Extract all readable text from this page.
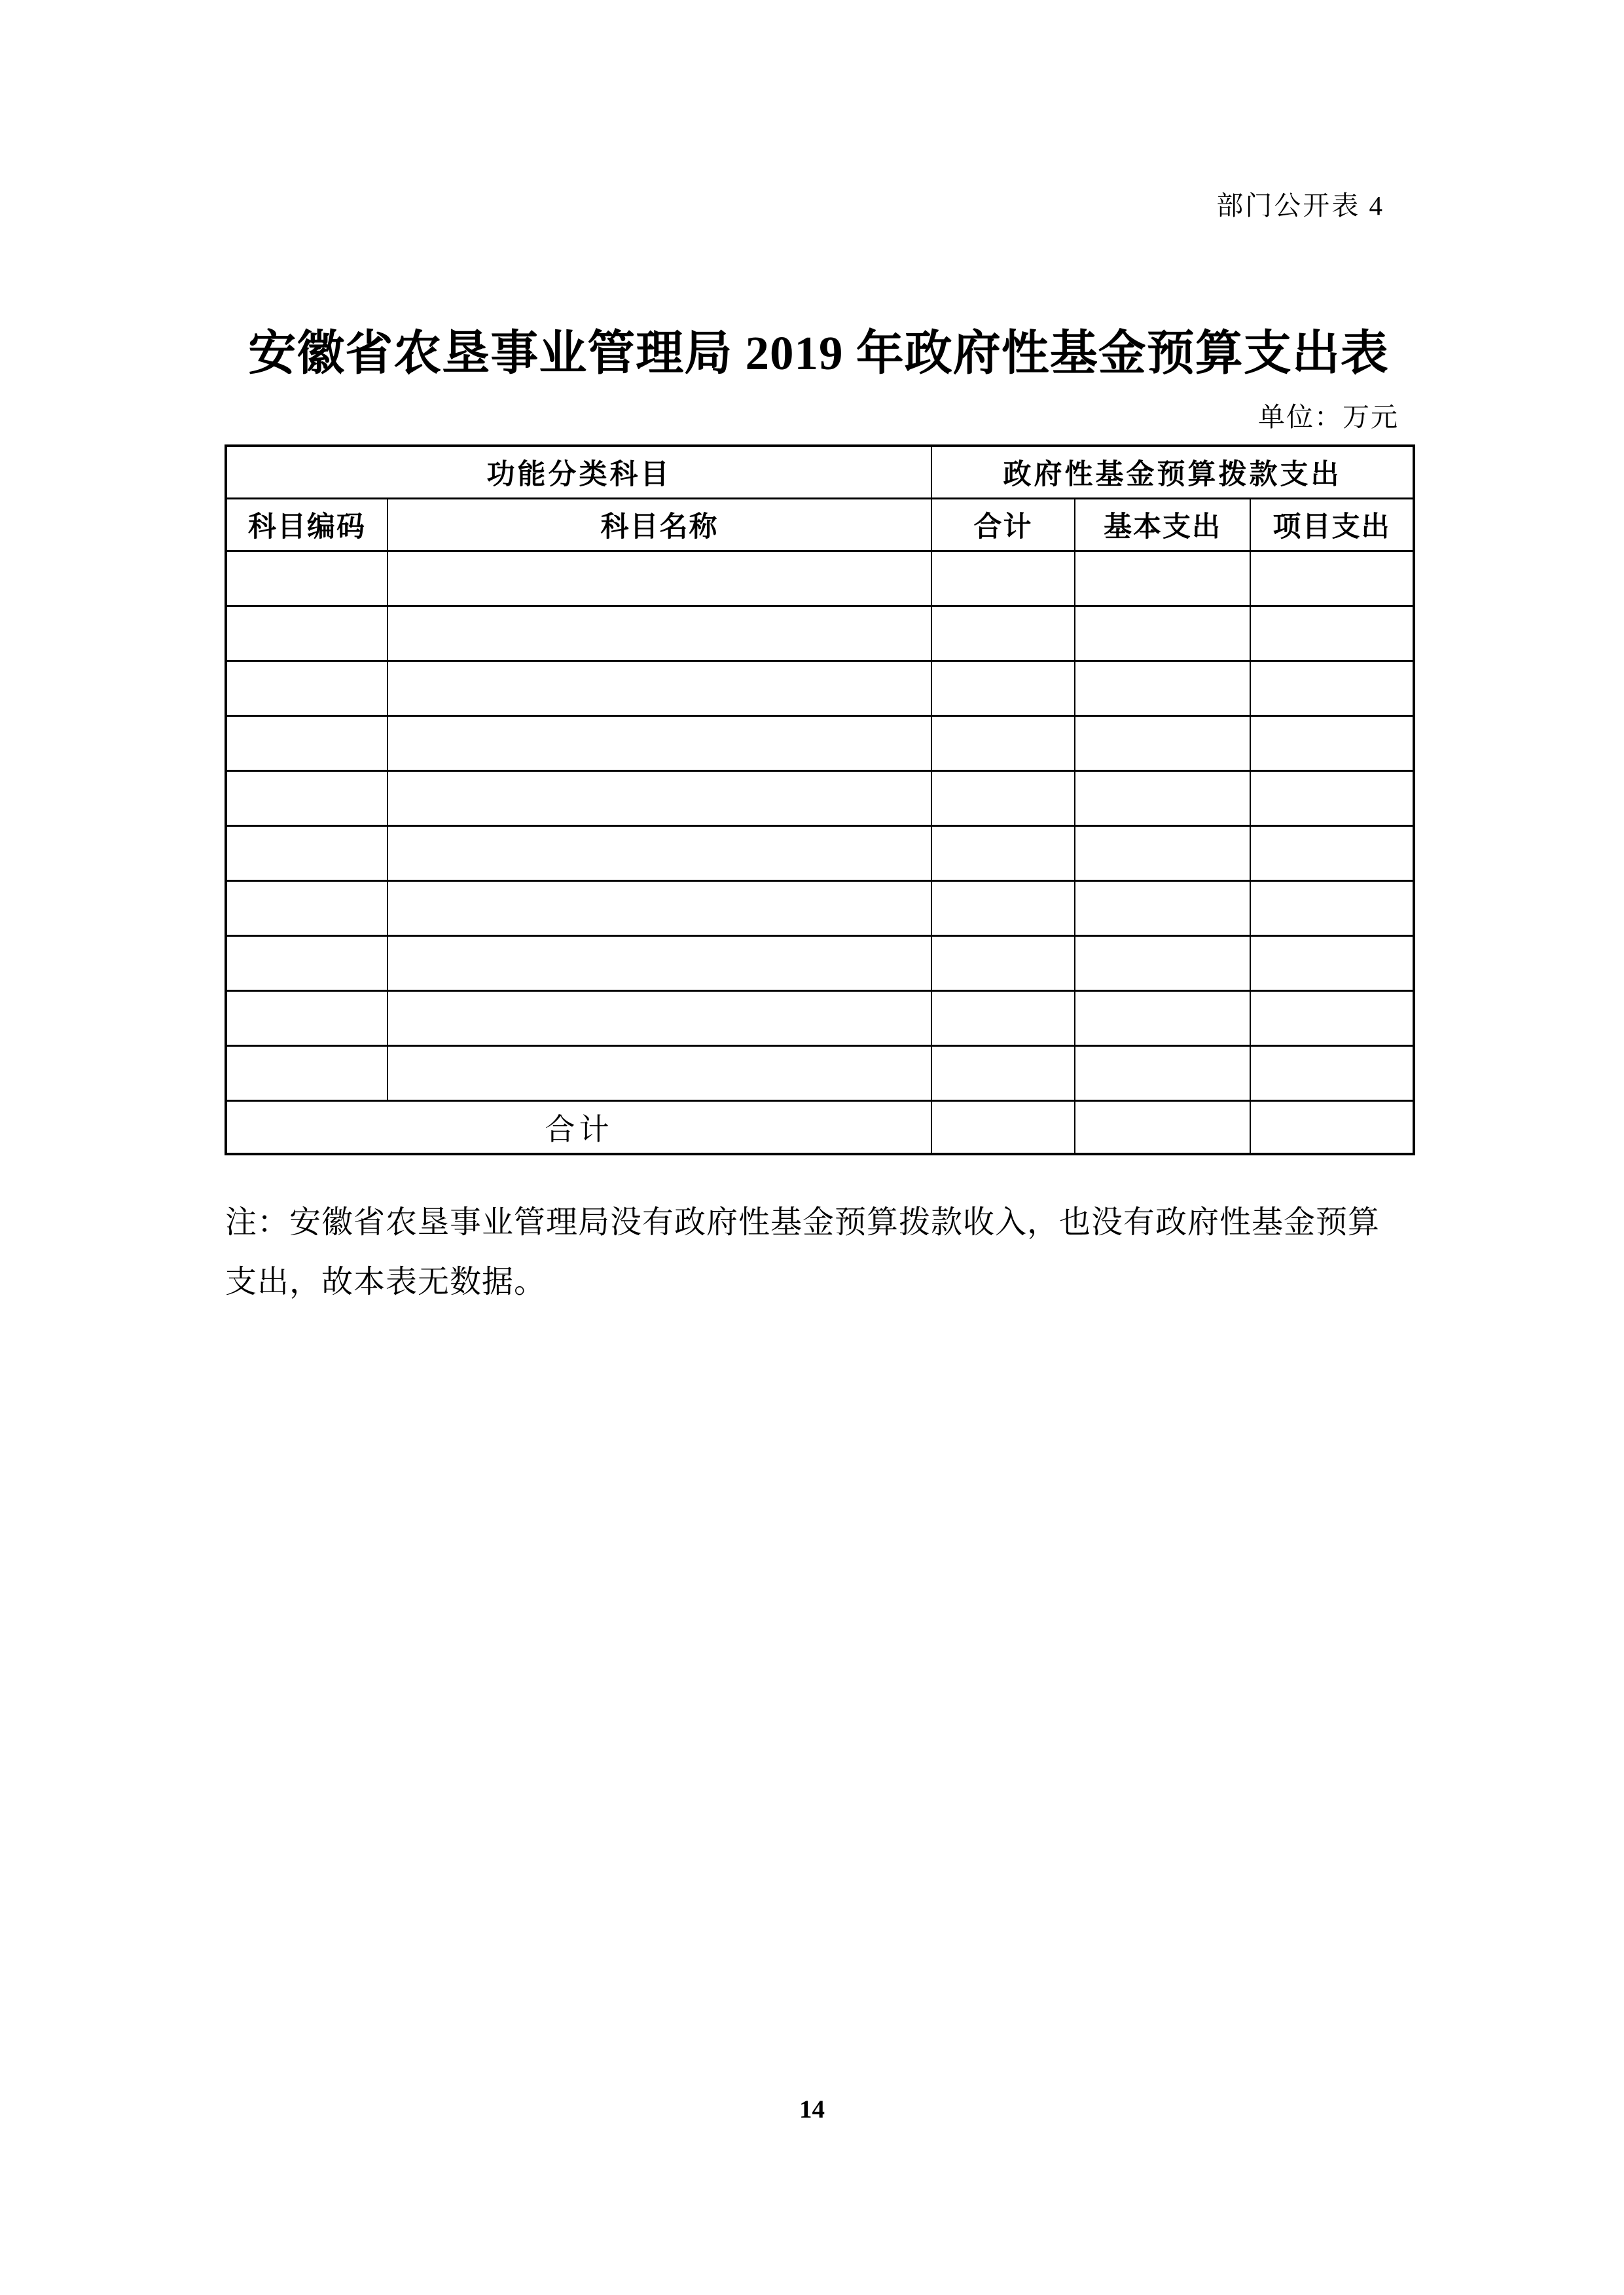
部门公开表 4
安徽省农垦事业管理局 2019 年政府性基金预算支出表
单位：万元
功能分类科目		政府性基金预算拨款支出		
科目编码	科目名称	合计	基本支出	项目支出

合计				
注：安徽省农垦事业管理局没有政府性基金预算拨款收入，也没有政府性基金预算
支出，故本表无数据。
14
